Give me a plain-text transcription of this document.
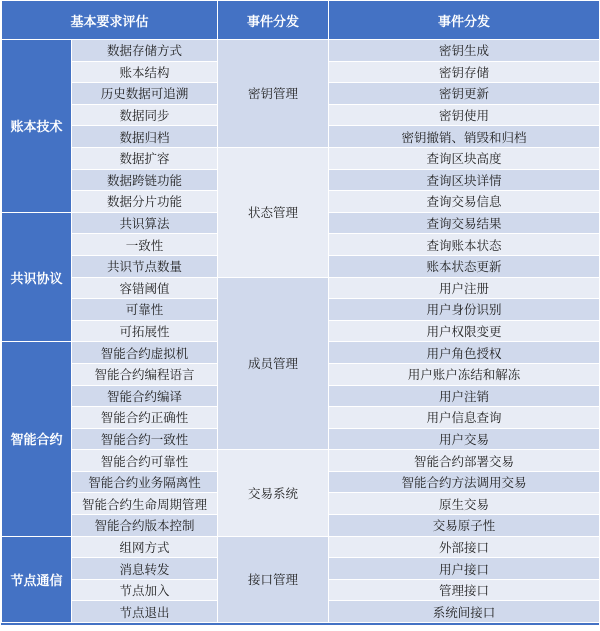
基本要求评估		事件分发	事件分发
账本技术	数据存储方式	密钥管理	密钥生成
	账本结构		密钥存储
	历史数据可追溯		密钥更新
	数据同步		密钥使用
	数据归档		密钥撤销、销毁和归档
	数据扩容	状态管理	查询区块高度
	数据跨链功能		查询区块详情
	数据分片功能		查询交易信息
共识协议	共识算法		查询交易结果
	一致性		查询账本状态
	共识节点数量		账本状态更新
	容错阈值	成员管理	用户注册
	可靠性		用户身份识别
	可拓展性		用户权限变更
智能合约	智能合约虚拟机		用户角色授权
	智能合约编程语言		用户账户冻结和解冻
	智能合约编译		用户注销
	智能合约正确性		用户信息查询
	智能合约一致性		用户交易
	智能合约可靠性	交易系统	智能合约部署交易
	智能合约业务隔离性		智能合约方法调用交易
	智能合约生命周期管理		原生交易
	智能合约版本控制		交易原子性
节点通信	组网方式	接口管理	外部接口
	消息转发		用户接口
	节点加入		管理接口
	节点退出		系统间接口
